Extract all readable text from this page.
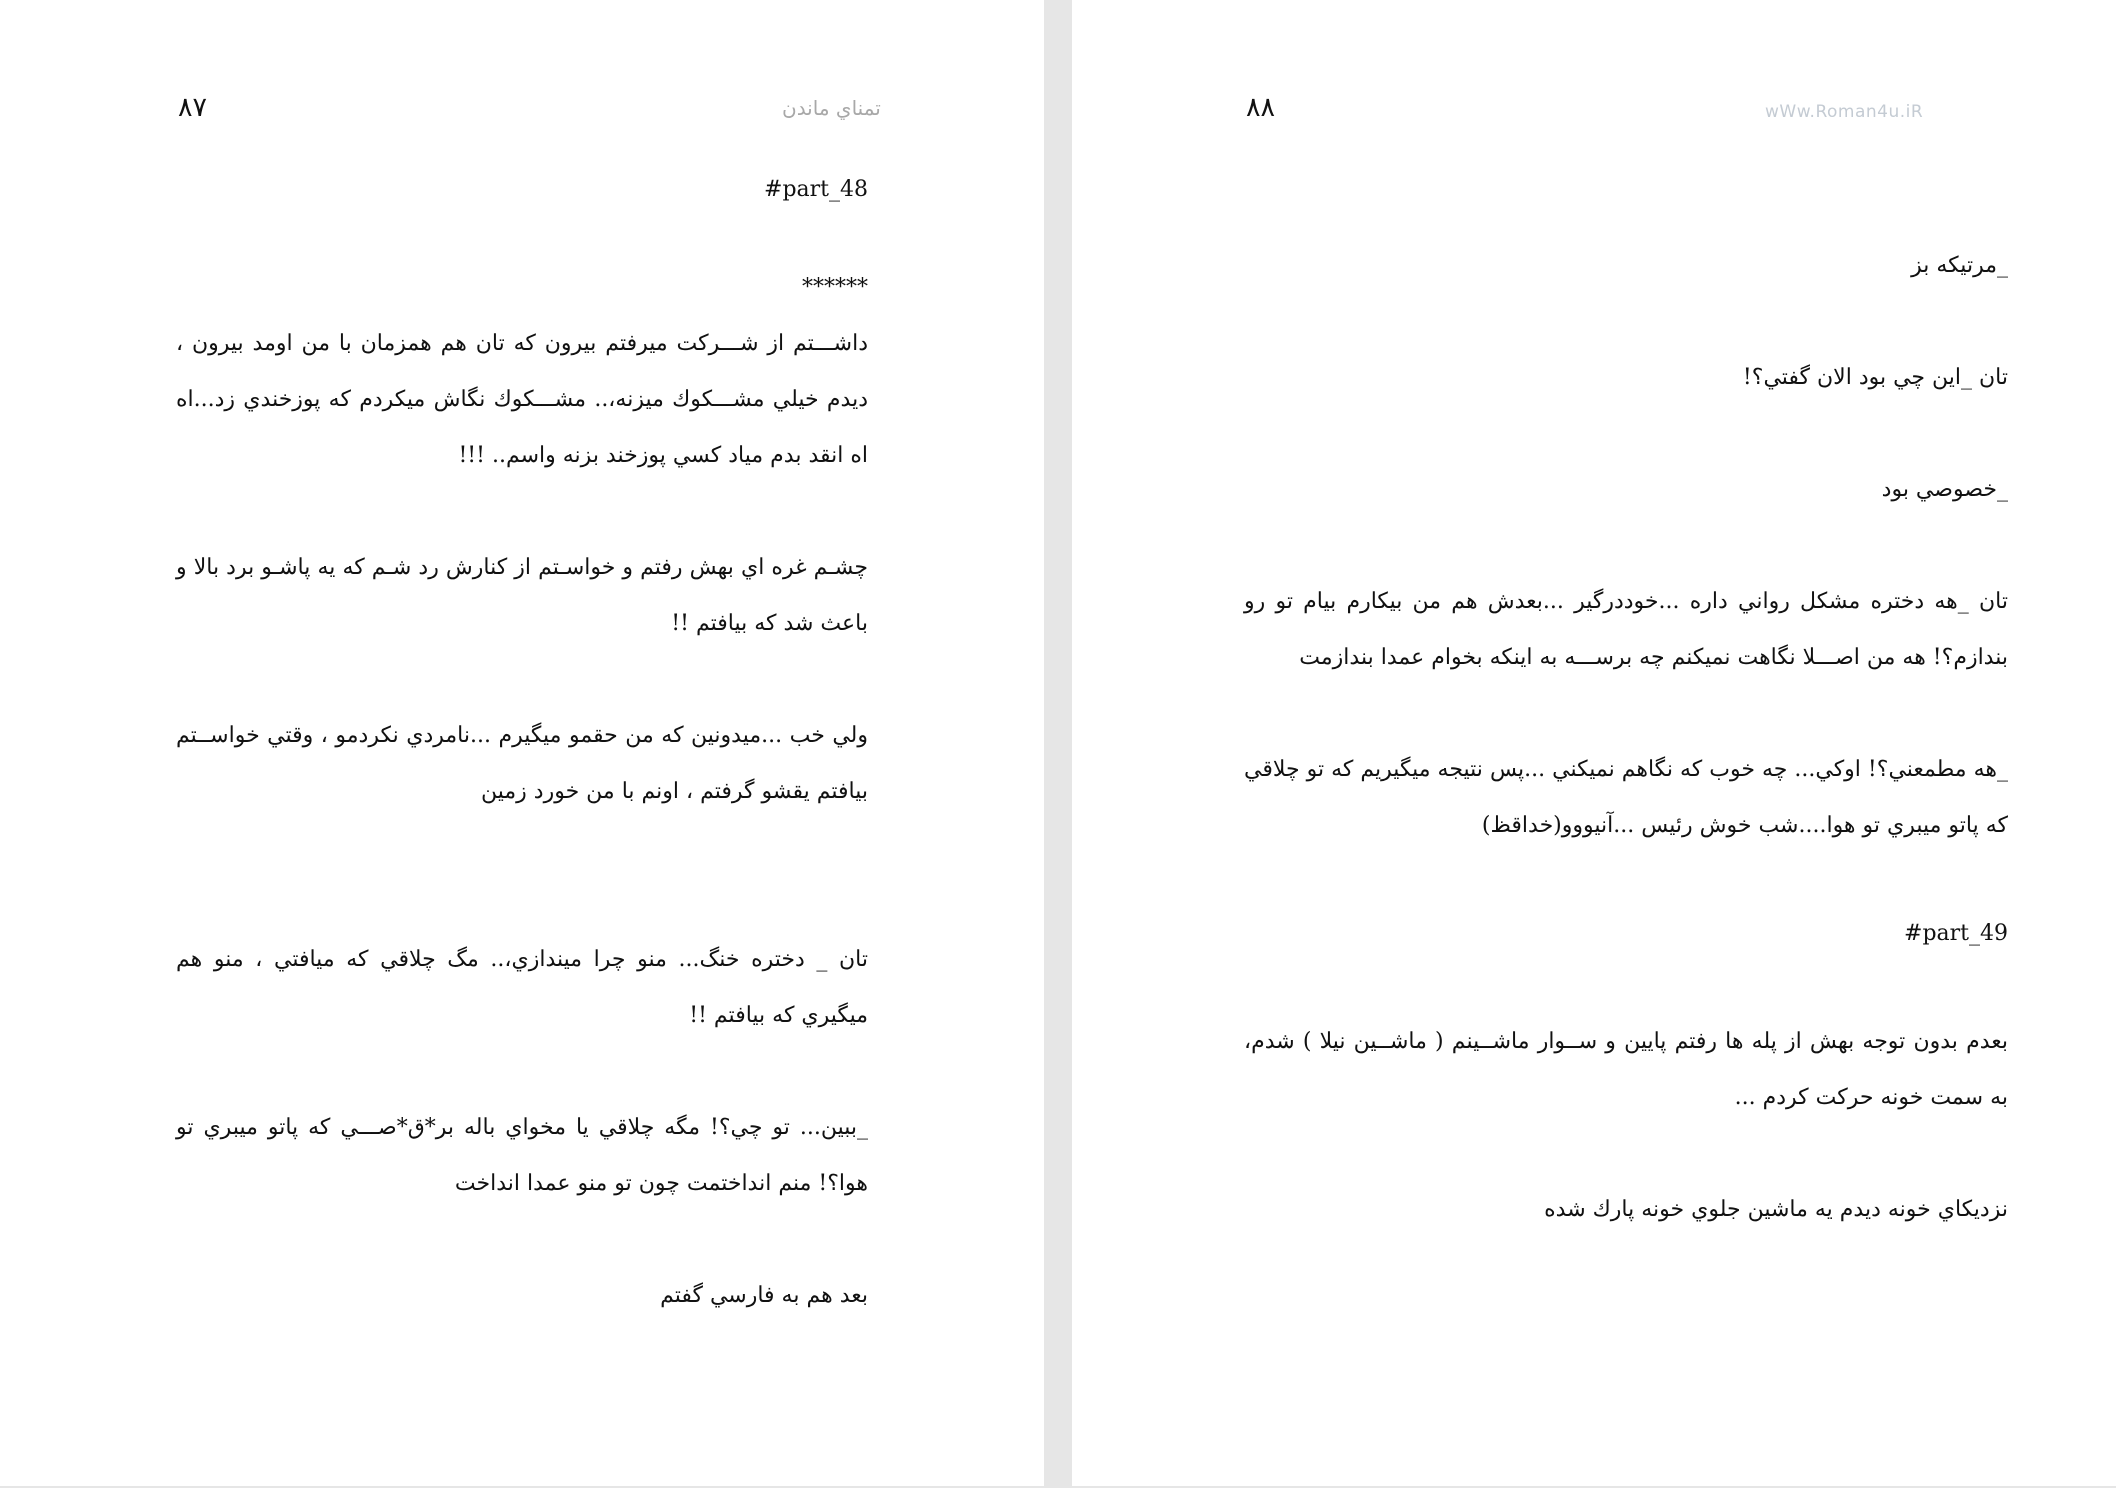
۸۷	تمناي ماندن

#part_48

******

داشـــتم از شـــركت ميرفتم بيرون كه تان هم همزمان با من اومد بيرون ، ديدم خيلي مشـــكوك ميزنه،.. مشـــكوك نگاش ميكردم كه پوزخندي زد...اه اه انقد بدم مياد كسي پوزخند بزنه واسم.. !!!

چشـم غره اي بهش رفتم و خواسـتم از كنارش رد شـم كه يه پاشـو برد بالا و باعث شد كه بيافتم !!

ولي خب ...ميدونين كه من حقمو ميگيرم ...نامردي نكردمو ، وقتي خواســتم بيافتم يقشو گرفتم ، اونم با من خورد زمين

تان _ دختره خنگ... منو چرا ميندازي،.. مگ چلاقي كه ميافتي ، منو هم ميگيري كه بيافتم !!

_ببين... تو چي؟! مگه چلاقي يا مخواي باله بر*ق*صـــي كه پاتو ميبري تو هوا؟! منم انداختمت چون تو منو عمدا انداخت

بعد هم به فارسي گفتم

۸۸	wWw.Roman4u.iR

_مرتيكه بز

تان _اين چي بود الان گفتي؟!

_خصوصي بود

تان _هه دختره مشكل رواني داره ...خوددرگير ...بعدش هم من بيكارم بيام تو رو بندازم؟! هه من اصـــلا نگاهت نميكنم چه برســـه به اينكه بخوام عمدا بندازمت

_هه مطمعني؟! اوكي... چه خوب كه نگاهم نميكني ...پس نتيجه ميگيريم كه تو چلاقي كه پاتو ميبري تو هوا....شب خوش رئيس ...آنيووو(خداقظ)

#part_49

بعدم بدون توجه بهش از پله ها رفتم پايين و ســوار ماشــينم ( ماشــين نيلا ) شدم، به سمت خونه حركت كردم ...

نزديكاي خونه ديدم يه ماشين جلوي خونه پارك شده
